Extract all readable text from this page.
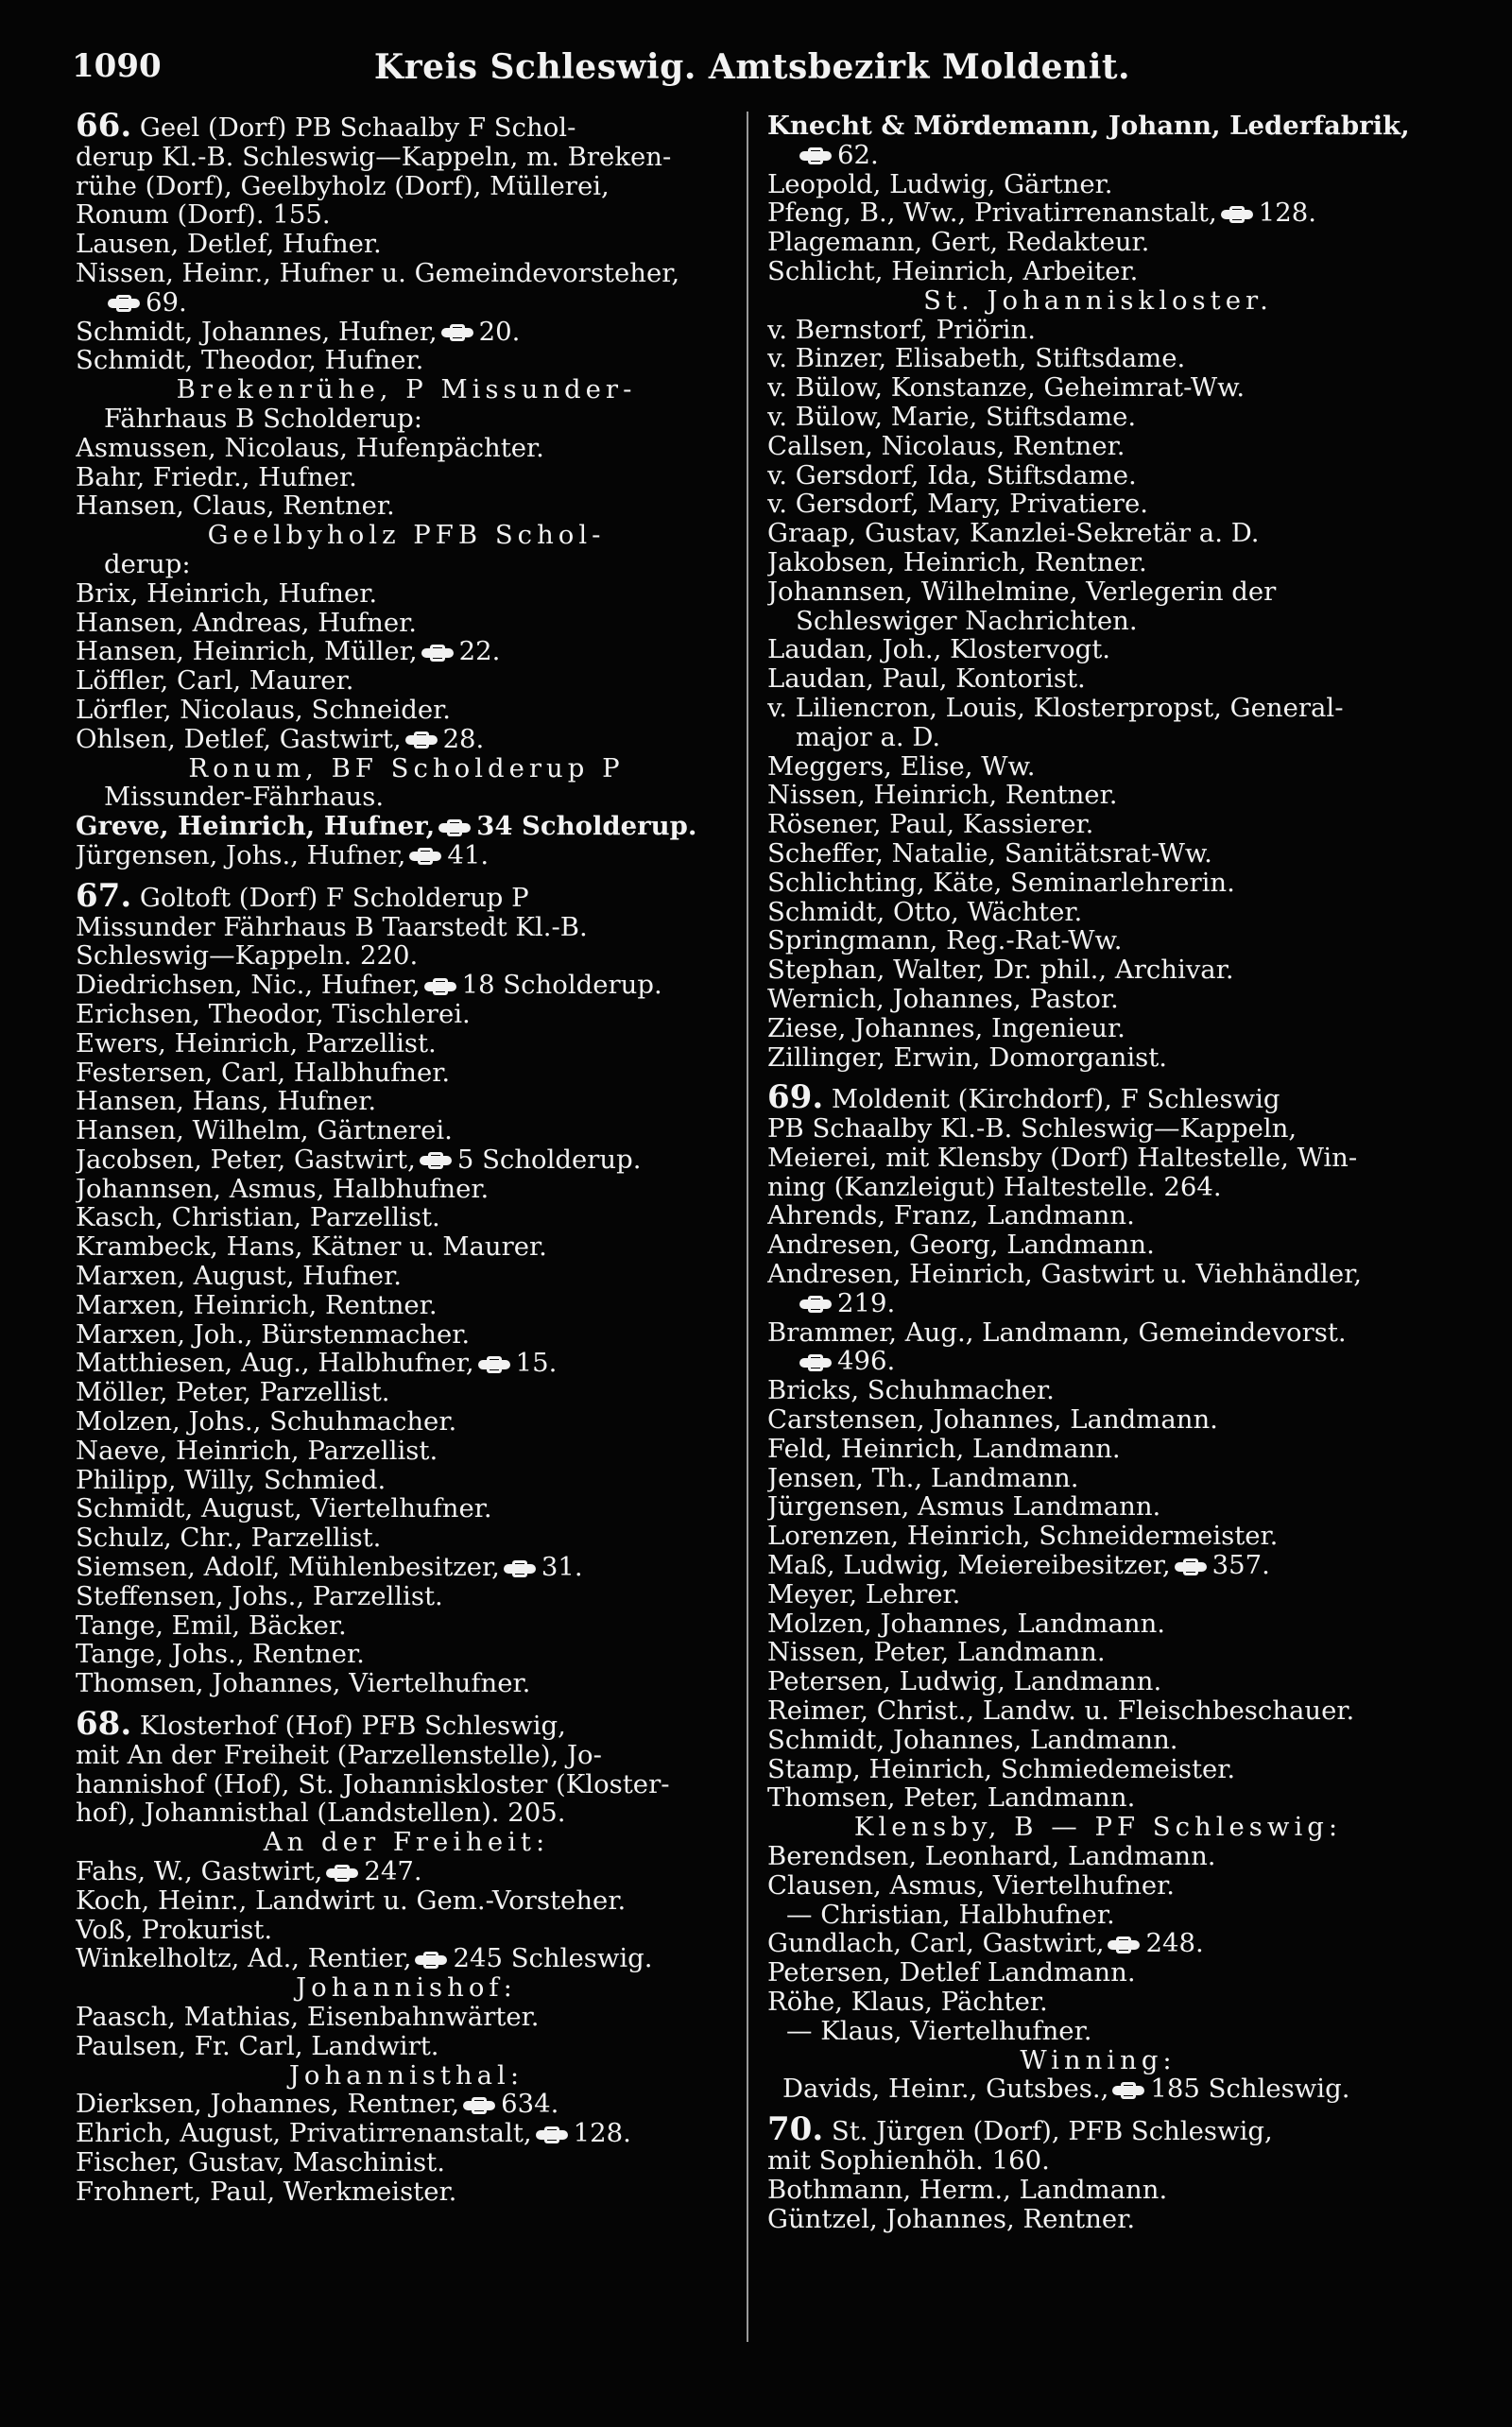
1090	Kreis Schleswig. Amtsbezirk Moldenit.
66. Geel (Dorf) PB Schaalby F Schol-
derup Kl.-B. Schleswig—Kappeln, m. Breken-
rühe (Dorf), Geelbyholz (Dorf), Müllerei,
Ronum (Dorf). 155.
Lausen, Detlef, Hufner.
Nissen, Heinr., Hufner u. Gemeindevorsteher,
69.
Schmidt, Johannes, Hufner, 20.
Schmidt, Theodor, Hufner.
Brekenrühe, P Missunder-
Fährhaus B Scholderup:
Asmussen, Nicolaus, Hufenpächter.
Bahr, Friedr., Hufner.
Hansen, Claus, Rentner.
Geelbyholz PFB Schol-
derup:
Brix, Heinrich, Hufner.
Hansen, Andreas, Hufner.
Hansen, Heinrich, Müller, 22.
Löffler, Carl, Maurer.
Lörfler, Nicolaus, Schneider.
Ohlsen, Detlef, Gastwirt, 28.
Ronum, BF Scholderup P
Missunder-Fährhaus.
Greve, Heinrich, Hufner, 34 Scholderup.
Jürgensen, Johs., Hufner, 41.
67. Goltoft (Dorf) F Scholderup P
Missunder Fährhaus B Taarstedt Kl.-B.
Schleswig—Kappeln. 220.
Diedrichsen, Nic., Hufner, 18 Scholderup.
Erichsen, Theodor, Tischlerei.
Ewers, Heinrich, Parzellist.
Festersen, Carl, Halbhufner.
Hansen, Hans, Hufner.
Hansen, Wilhelm, Gärtnerei.
Jacobsen, Peter, Gastwirt, 5 Scholderup.
Johannsen, Asmus, Halbhufner.
Kasch, Christian, Parzellist.
Krambeck, Hans, Kätner u. Maurer.
Marxen, August, Hufner.
Marxen, Heinrich, Rentner.
Marxen, Joh., Bürstenmacher.
Matthiesen, Aug., Halbhufner, 15.
Möller, Peter, Parzellist.
Molzen, Johs., Schuhmacher.
Naeve, Heinrich, Parzellist.
Philipp, Willy, Schmied.
Schmidt, August, Viertelhufner.
Schulz, Chr., Parzellist.
Siemsen, Adolf, Mühlenbesitzer, 31.
Steffensen, Johs., Parzellist.
Tange, Emil, Bäcker.
Tange, Johs., Rentner.
Thomsen, Johannes, Viertelhufner.
68. Klosterhof (Hof) PFB Schleswig,
mit An der Freiheit (Parzellenstelle), Jo-
hannishof (Hof), St. Johanniskloster (Kloster-
hof), Johannisthal (Landstellen). 205.
An der Freiheit:
Fahs, W., Gastwirt, 247.
Koch, Heinr., Landwirt u. Gem.-Vorsteher.
Voß, Prokurist.
Winkelholtz, Ad., Rentier, 245 Schleswig.
Johannishof:
Paasch, Mathias, Eisenbahnwärter.
Paulsen, Fr. Carl, Landwirt.
Johannisthal:
Dierksen, Johannes, Rentner, 634.
Ehrich, August, Privatirrenanstalt, 128.
Fischer, Gustav, Maschinist.
Frohnert, Paul, Werkmeister.
Knecht & Mördemann, Johann, Lederfabrik,
62.
Leopold, Ludwig, Gärtner.
Pfeng, B., Ww., Privatirrenanstalt, 128.
Plagemann, Gert, Redakteur.
Schlicht, Heinrich, Arbeiter.
St. Johanniskloster.
v. Bernstorf, Priörin.
v. Binzer, Elisabeth, Stiftsdame.
v. Bülow, Konstanze, Geheimrat-Ww.
v. Bülow, Marie, Stiftsdame.
Callsen, Nicolaus, Rentner.
v. Gersdorf, Ida, Stiftsdame.
v. Gersdorf, Mary, Privatiere.
Graap, Gustav, Kanzlei-Sekretär a. D.
Jakobsen, Heinrich, Rentner.
Johannsen, Wilhelmine, Verlegerin der
Schleswiger Nachrichten.
Laudan, Joh., Klostervogt.
Laudan, Paul, Kontorist.
v. Liliencron, Louis, Klosterpropst, General-
major a. D.
Meggers, Elise, Ww.
Nissen, Heinrich, Rentner.
Rösener, Paul, Kassierer.
Scheffer, Natalie, Sanitätsrat-Ww.
Schlichting, Käte, Seminarlehrerin.
Schmidt, Otto, Wächter.
Springmann, Reg.-Rat-Ww.
Stephan, Walter, Dr. phil., Archivar.
Wernich, Johannes, Pastor.
Ziese, Johannes, Ingenieur.
Zillinger, Erwin, Domorganist.
69. Moldenit (Kirchdorf), F Schleswig
PB Schaalby Kl.-B. Schleswig—Kappeln,
Meierei, mit Klensby (Dorf) Haltestelle, Win-
ning (Kanzleigut) Haltestelle. 264.
Ahrends, Franz, Landmann.
Andresen, Georg, Landmann.
Andresen, Heinrich, Gastwirt u. Viehhändler,
219.
Brammer, Aug., Landmann, Gemeindevorst.
496.
Bricks, Schuhmacher.
Carstensen, Johannes, Landmann.
Feld, Heinrich, Landmann.
Jensen, Th., Landmann.
Jürgensen, Asmus Landmann.
Lorenzen, Heinrich, Schneidermeister.
Maß, Ludwig, Meiereibesitzer, 357.
Meyer, Lehrer.
Molzen, Johannes, Landmann.
Nissen, Peter, Landmann.
Petersen, Ludwig, Landmann.
Reimer, Christ., Landw. u. Fleischbeschauer.
Schmidt, Johannes, Landmann.
Stamp, Heinrich, Schmiedemeister.
Thomsen, Peter, Landmann.
Klensby, B — PF Schleswig:
Berendsen, Leonhard, Landmann.
Clausen, Asmus, Viertelhufner.
— Christian, Halbhufner.
Gundlach, Carl, Gastwirt, 248.
Petersen, Detlef Landmann.
Röhe, Klaus, Pächter.
— Klaus, Viertelhufner.
Winning:
Davids, Heinr., Gutsbes., 185 Schleswig.
70. St. Jürgen (Dorf), PFB Schleswig,
mit Sophienhöh. 160.
Bothmann, Herm., Landmann.
Güntzel, Johannes, Rentner.
